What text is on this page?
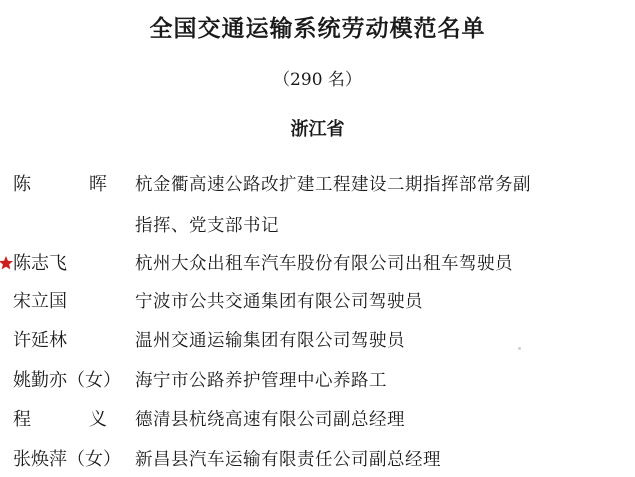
全国交通运输系统劳动模范名单
（290 名）
浙江省
陈 晖 杭金衢高速公路改扩建工程建设二期指挥部常务副
指挥、党支部书记
陈志飞	杭州大众出租车汽车股份有限公司出租车驾驶员
宋立国	宁波市公共交通集团有限公司驾驶员
许延林	温州交通运输集团有限公司驾驶员
姚勤亦（女） 海宁市公路养护管理中心养路工
程 义 德清县杭绕高速有限公司副总经理
张焕萍（女） 新昌县汽车运输有限责任公司副总经理
